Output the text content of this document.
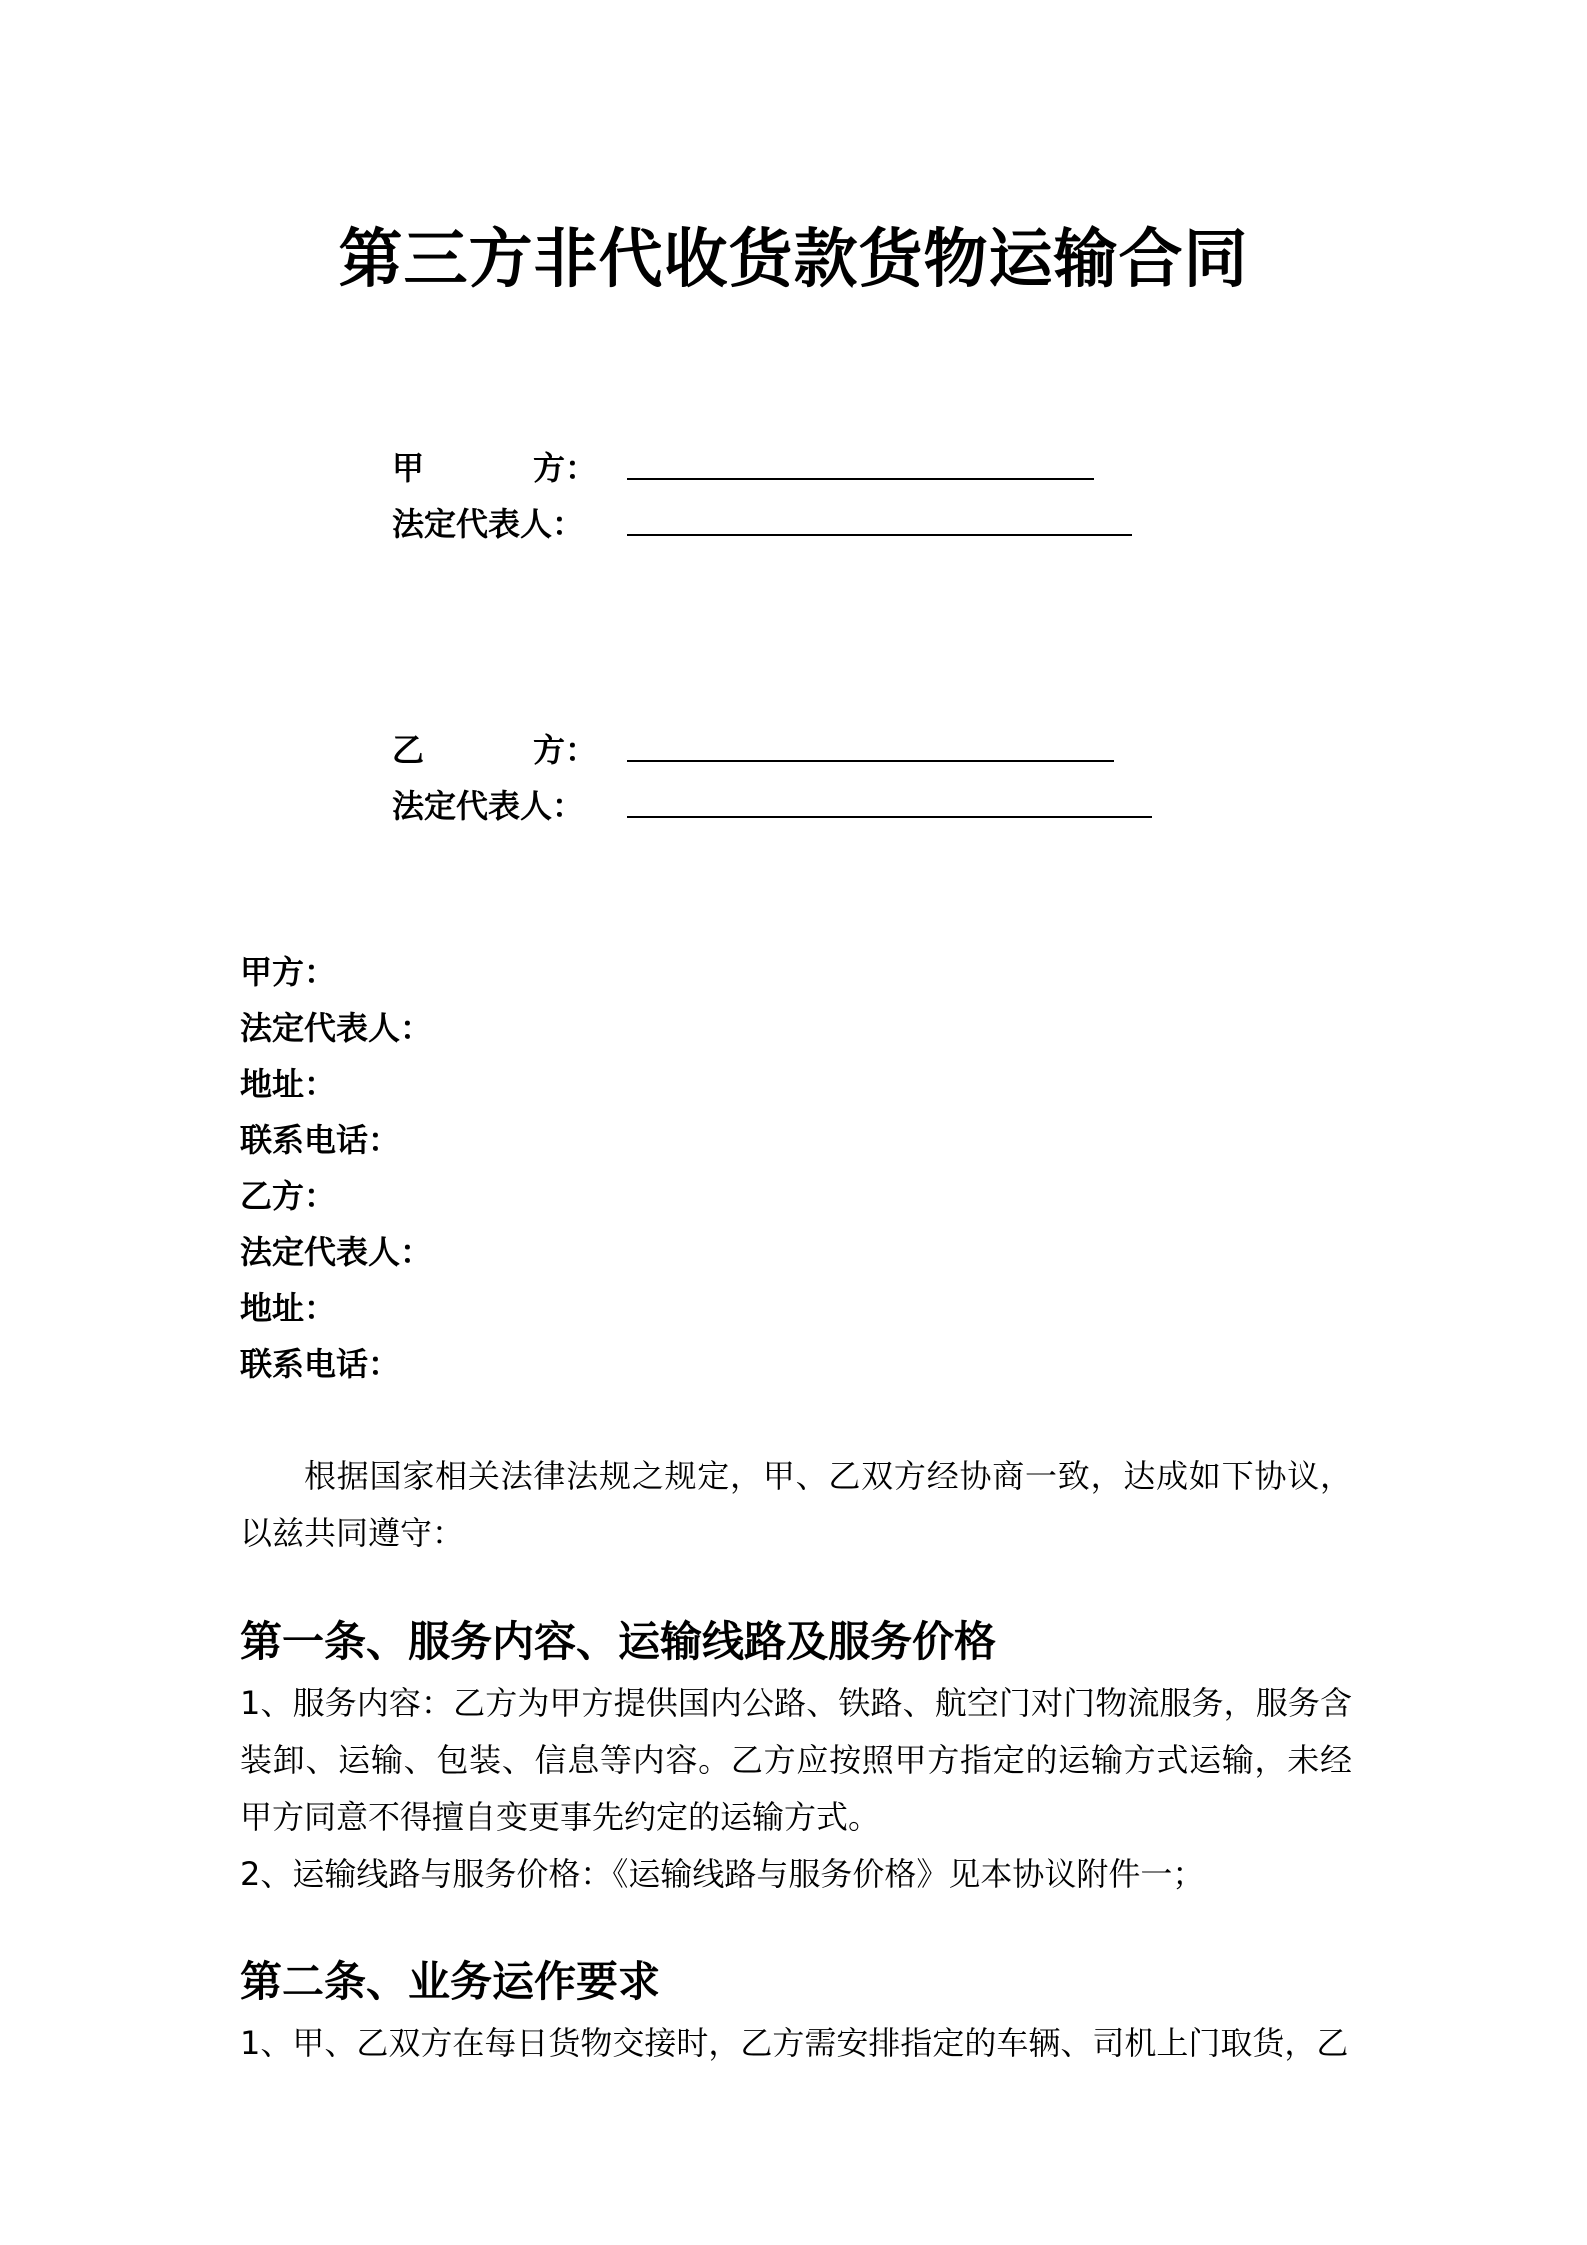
第三方非代收货款货物运输合同
甲	方：
法定代表人：
乙	方：
法定代表人：
甲方：
法定代表人：
地址：
联系电话：
乙方：
法定代表人：
地址：
联系电话：

根据国家相关法律法规之规定，甲、乙双方经协商一致，达成如下协议，以兹共同遵守：

第一条、服务内容、运输线路及服务价格

1、服务内容：乙方为甲方提供国内公路、铁路、航空门对门物流服务，服务含装卸、运输、包装、信息等内容。乙方应按照甲方指定的运输方式运输，未经甲方同意不得擅自变更事先约定的运输方式。

2、运输线路与服务价格：《运输线路与服务价格》见本协议附件一；

第二条、业务运作要求

1、甲、乙双方在每日货物交接时，乙方需安排指定的车辆、司机上门取货，乙
